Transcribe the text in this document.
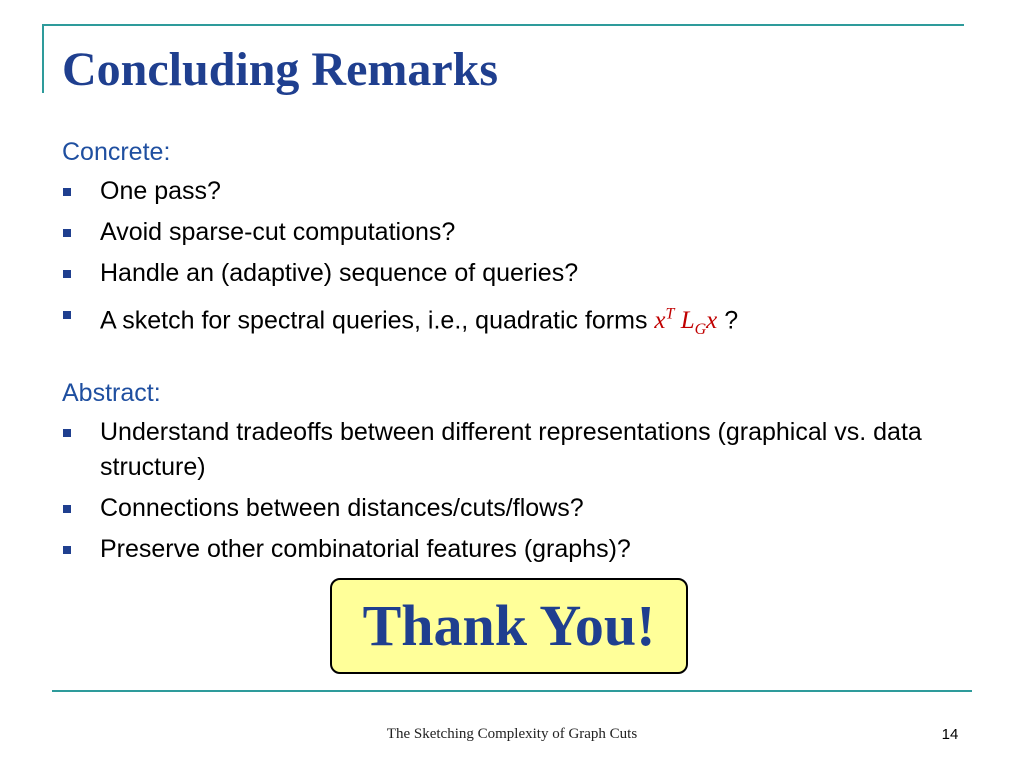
Concluding Remarks
Concrete:
One pass?
Avoid sparse-cut computations?
Handle an (adaptive) sequence of queries?
A sketch for spectral queries, i.e., quadratic forms $x^T$ $L_Gx$ ?
Abstract:
Understand tradeoffs between different representations (graphical vs. data structure)
Connections between distances/cuts/flows?
Preserve other combinatorial features (graphs)?
Thank You!
The Sketching Complexity of Graph Cuts	14
